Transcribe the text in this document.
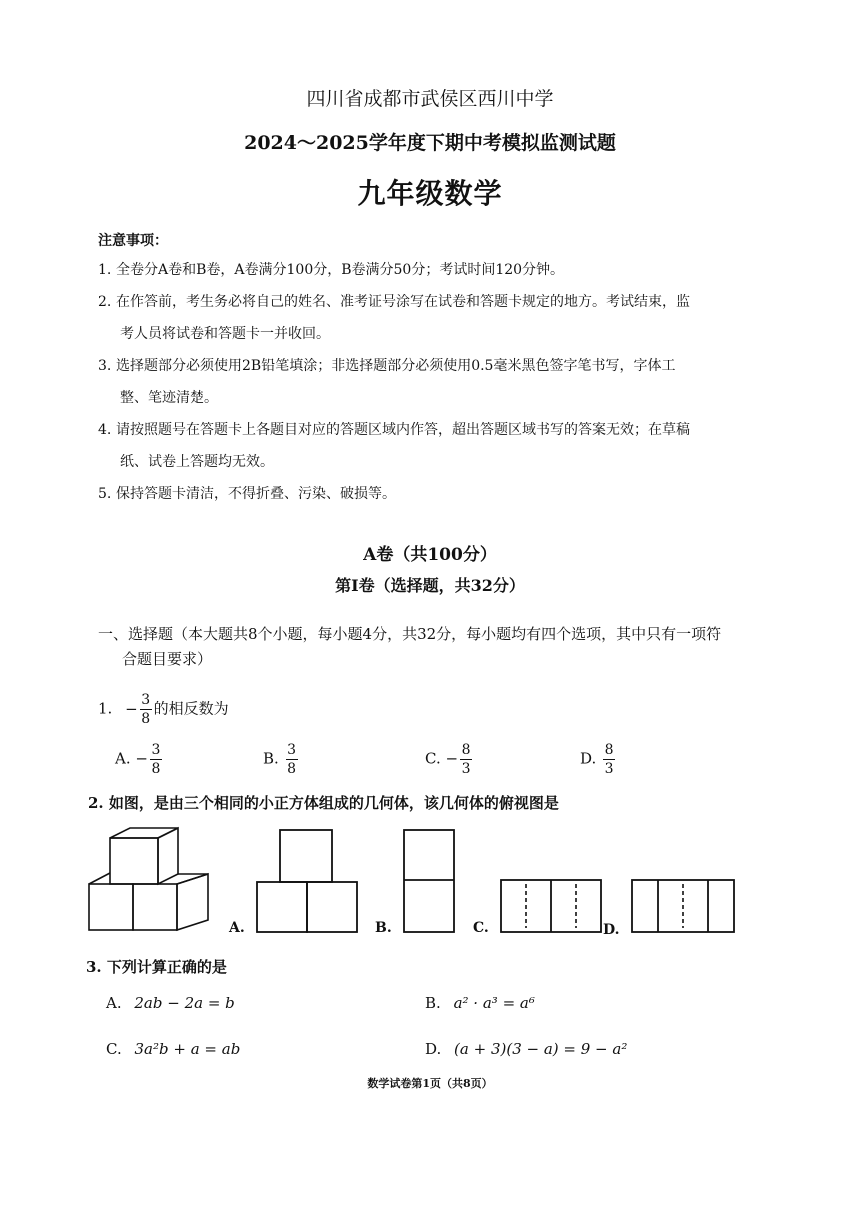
四川省成都市武侯区西川中学
2024～2025学年度下期中考模拟监测试题
九年级数学
注意事项：
1. 全卷分A卷和B卷，A卷满分100分，B卷满分50分；考试时间120分钟。
2. 在作答前，考生务必将自己的姓名、准考证号涂写在试卷和答题卡规定的地方。考试结束，监
考人员将试卷和答题卡一并收回。
3. 选择题部分必须使用2B铅笔填涂；非选择题部分必须使用0.5毫米黑色签字笔书写，字体工
整、笔迹清楚。
4. 请按照题号在答题卡上各题目对应的答题区域内作答，超出答题区域书写的答案无效；在草稿
纸、试卷上答题均无效。
5. 保持答题卡清洁，不得折叠、污染、破损等。
A卷（共100分）
第Ⅰ卷（选择题，共32分）
一、选择题（本大题共8个小题，每小题4分，共32分，每小题均有四个选项，其中只有一项符
合题目要求）
1. − $\frac{3}{8}$ 的相反数为
A. − $\frac{3}{8}$	B. $\frac{3}{8}$	C. − $\frac{8}{3}$	D. $\frac{8}{3}$
2. 如图，是由三个相同的小正方体组成的几何体，该几何体的俯视图是
A.	B.	C.	D.
3. 下列计算正确的是
A. 2ab − 2a = b	B. a² · a³ = a⁶
C. 3a²b + a = ab	D. (a + 3)(3 − a) = 9 − a²
数学试卷第1页（共8页）
